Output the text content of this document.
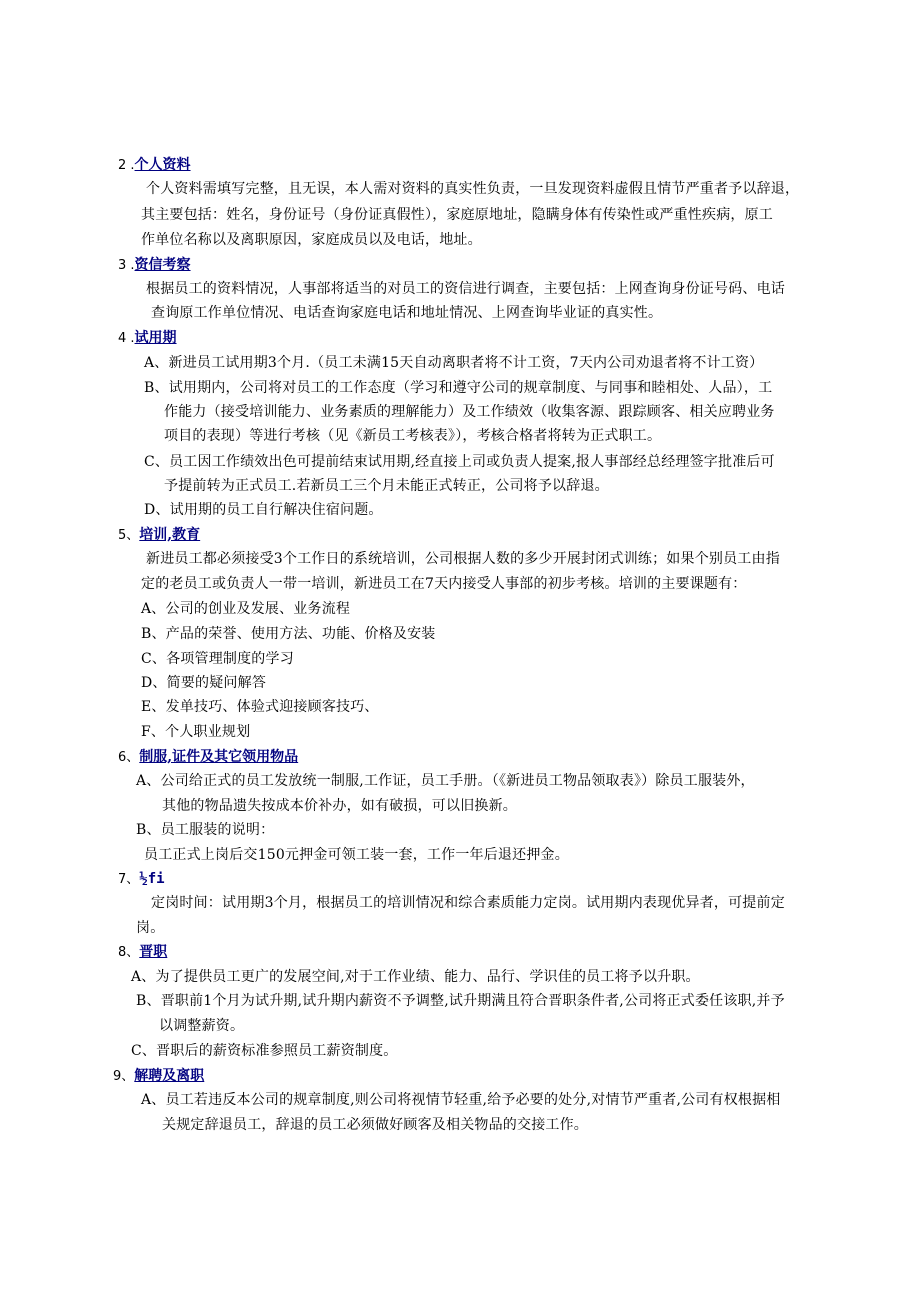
2 .个人资料
个人资料需填写完整，且无误，本人需对资料的真实性负责，一旦发现资料虚假且情节严重者予以辞退，
其主要包括：姓名，身份证号（身份证真假性），家庭原地址，隐瞒身体有传染性或严重性疾病，原工
作单位名称以及离职原因，家庭成员以及电话，地址。
3 .资信考察
根据员工的资料情况，人事部将适当的对员工的资信进行调查，主要包括：上网查询身份证号码、电话
查询原工作单位情况、电话查询家庭电话和地址情况、上网查询毕业证的真实性。
4 .试用期
A、新进员工试用期3个月.（员工未满15天自动离职者将不计工资，7天内公司劝退者将不计工资）
B、试用期内，公司将对员工的工作态度（学习和遵守公司的规章制度、与同事和睦相处、人品），工
作能力（接受培训能力、业务素质的理解能力）及工作绩效（收集客源、跟踪顾客、相关应聘业务
项目的表现）等进行考核（见《新员工考核表》），考核合格者将转为正式职工。
C、员工因工作绩效出色可提前结束试用期,经直接上司或负责人提案,报人事部经总经理签字批准后可
予提前转为正式员工.若新员工三个月未能正式转正，公司将予以辞退。
D、试用期的员工自行解决住宿问题。
5、培训,教育
新进员工都必须接受3个工作日的系统培训，公司根据人数的多少开展封闭式训练；如果个别员工由指
定的老员工或负责人一带一培训，新进员工在7天内接受人事部的初步考核。培训的主要课题有：
A、公司的创业及发展、业务流程
B、产品的荣誉、使用方法、功能、价格及安装
C、各项管理制度的学习
D、简要的疑问解答
E、发单技巧、体验式迎接顾客技巧、
F、个人职业规划
6、制服,证件及其它领用物品
A、公司给正式的员工发放统一制服,工作证，员工手册。（《新进员工物品领取表》）除员工服装外，
其他的物品遗失按成本价补办，如有破损，可以旧换新。
B、员工服装的说明：
员工正式上岗后交150元押金可领工装一套，工作一年后退还押金。
7、½fi
定岗时间：试用期3个月，根据员工的培训情况和综合素质能力定岗。试用期内表现优异者，可提前定
岗。
8、晋职
A、为了提供员工更广的发展空间,对于工作业绩、能力、品行、学识佳的员工将予以升职。
B、晋职前1个月为试升期,试升期内薪资不予调整,试升期满且符合晋职条件者,公司将正式委任该职,并予
以调整薪资。
C、晋职后的薪资标准参照员工薪资制度。
9、解聘及离职
A、员工若违反本公司的规章制度,则公司将视情节轻重,给予必要的处分,对情节严重者,公司有权根据相
关规定辞退员工，辞退的员工必须做好顾客及相关物品的交接工作。
